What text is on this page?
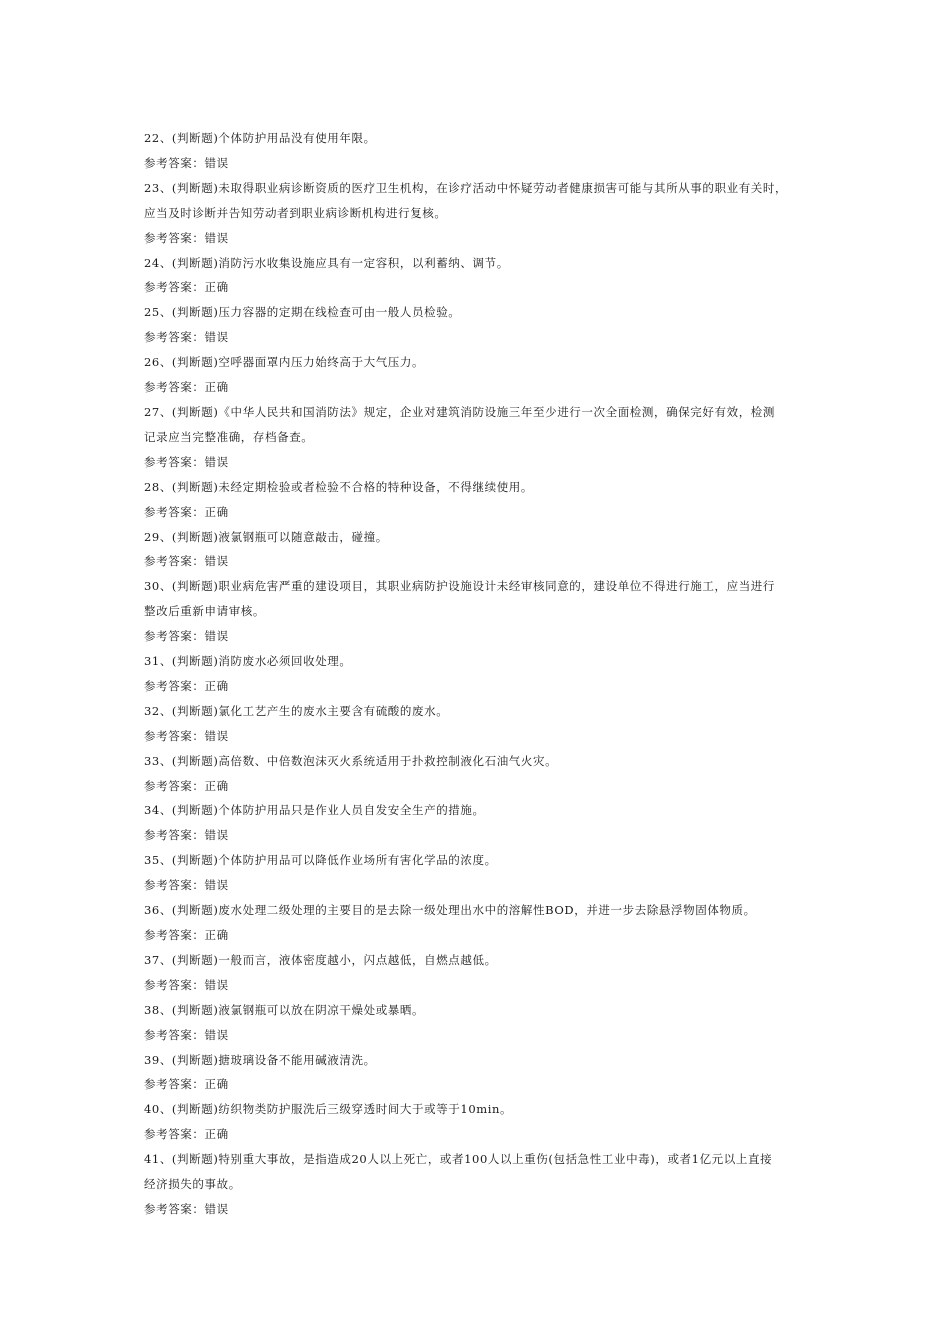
22、(判断题)个体防护用品没有使用年限。

参考答案：错误

23、(判断题)未取得职业病诊断资质的医疗卫生机构，在诊疗活动中怀疑劳动者健康损害可能与其所从事的职业有关时，

应当及时诊断并告知劳动者到职业病诊断机构进行复核。

参考答案：错误

24、(判断题)消防污水收集设施应具有一定容积，以利蓄纳、调节。

参考答案：正确

25、(判断题)压力容器的定期在线检查可由一般人员检验。

参考答案：错误

26、(判断题)空呼器面罩内压力始终高于大气压力。

参考答案：正确

27、(判断题)《中华人民共和国消防法》规定，企业对建筑消防设施三年至少进行一次全面检测，确保完好有效，检测

记录应当完整准确，存档备查。

参考答案：错误

28、(判断题)未经定期检验或者检验不合格的特种设备，不得继续使用。

参考答案：正确

29、(判断题)液氯钢瓶可以随意敲击，碰撞。

参考答案：错误

30、(判断题)职业病危害严重的建设项目，其职业病防护设施设计未经审核同意的，建设单位不得进行施工，应当进行

整改后重新申请审核。

参考答案：错误

31、(判断题)消防废水必须回收处理。

参考答案：正确

32、(判断题)氯化工艺产生的废水主要含有硫酸的废水。

参考答案：错误

33、(判断题)高倍数、中倍数泡沫灭火系统适用于扑救控制液化石油气火灾。

参考答案：正确

34、(判断题)个体防护用品只是作业人员自发安全生产的措施。

参考答案：错误

35、(判断题)个体防护用品可以降低作业场所有害化学品的浓度。

参考答案：错误

36、(判断题)废水处理二级处理的主要目的是去除一级处理出水中的溶解性BOD，并进一步去除悬浮物固体物质。

参考答案：正确

37、(判断题)一般而言，液体密度越小，闪点越低，自燃点越低。

参考答案：错误

38、(判断题)液氯钢瓶可以放在阴凉干燥处或暴晒。

参考答案：错误

39、(判断题)搪玻璃设备不能用碱液清洗。

参考答案：正确

40、(判断题)纺织物类防护服洗后三级穿透时间大于或等于10min。

参考答案：正确

41、(判断题)特别重大事故，是指造成20人以上死亡，或者100人以上重伤(包括急性工业中毒)，或者1亿元以上直接

经济损失的事故。

参考答案：错误
